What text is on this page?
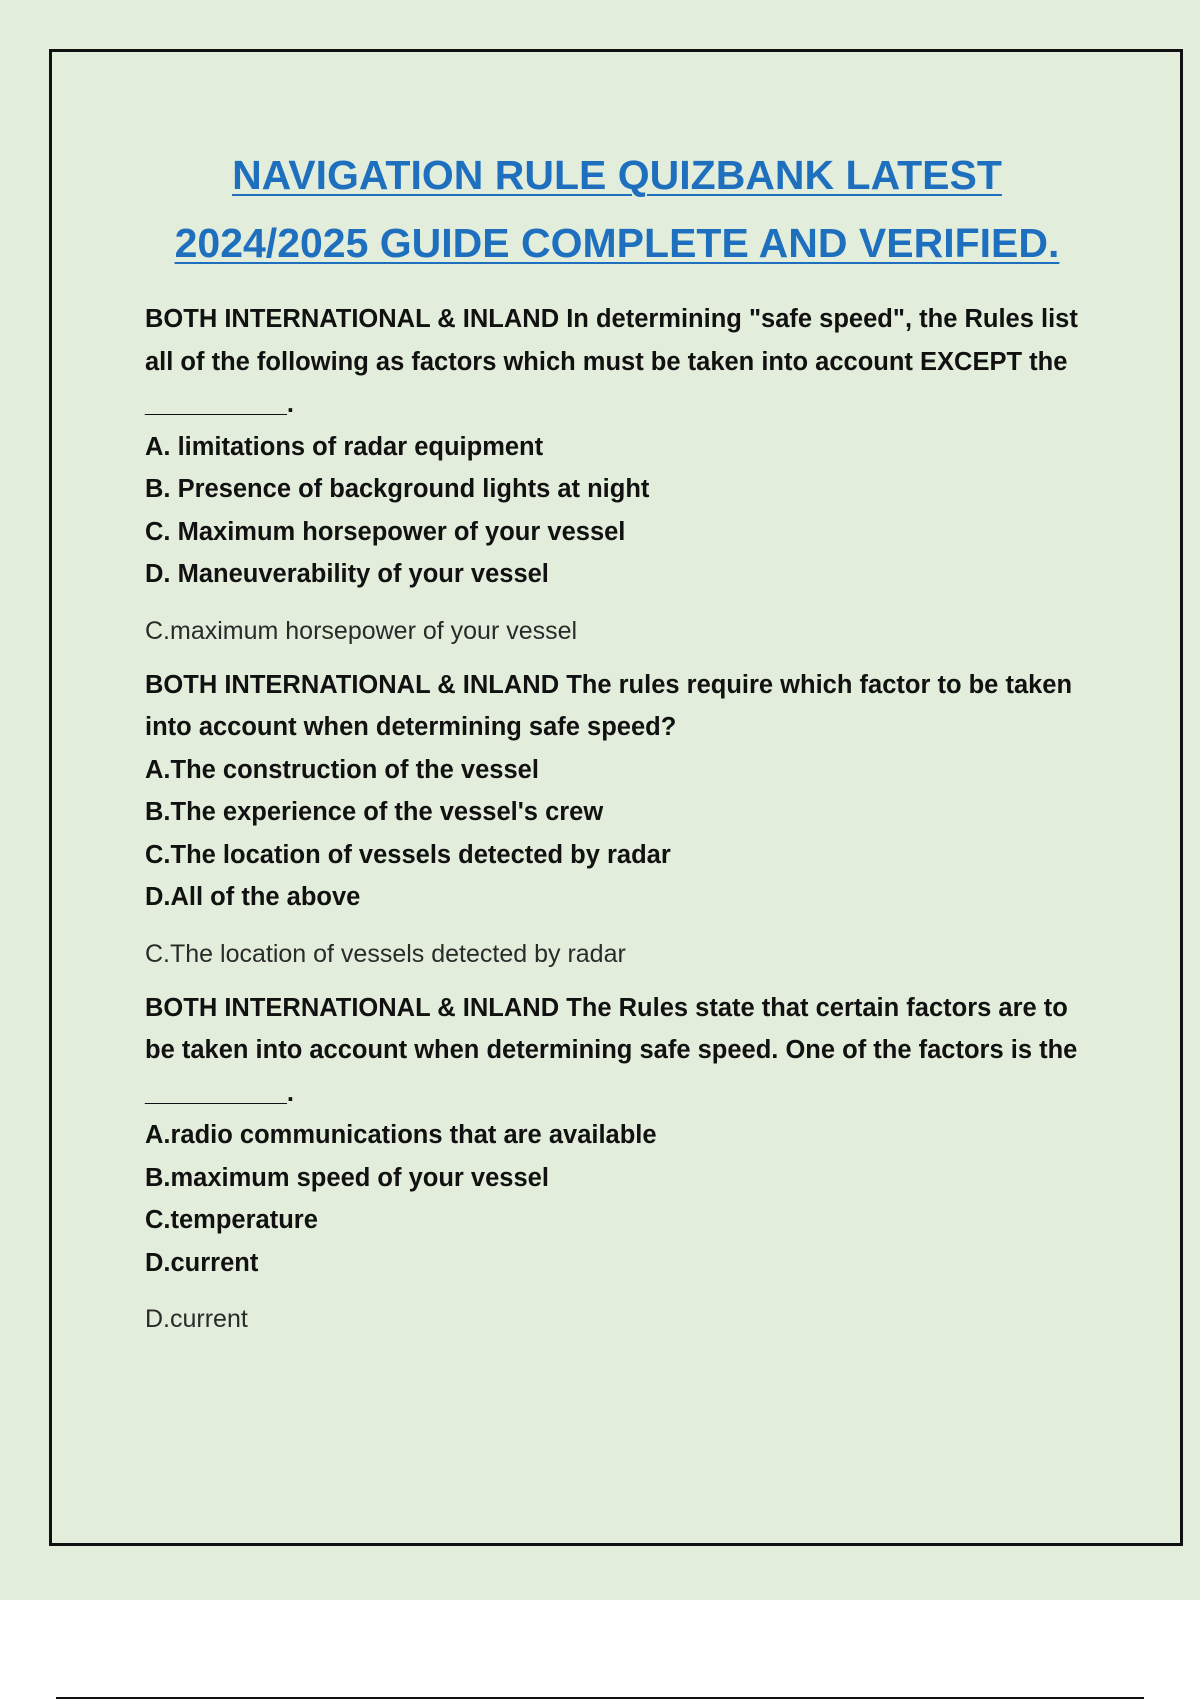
NAVIGATION RULE QUIZBANK LATEST
2024/2025 GUIDE COMPLETE AND VERIFIED.

BOTH INTERNATIONAL & INLAND In determining "safe speed", the Rules list all of the following as factors which must be taken into account EXCEPT the __________.

A. limitations of radar equipment

B. Presence of background lights at night

C. Maximum horsepower of your vessel

D. Maneuverability of your vessel

C.maximum horsepower of your vessel

BOTH INTERNATIONAL & INLAND The rules require which factor to be taken into account when determining safe speed?

A.The construction of the vessel

B.The experience of the vessel's crew

C.The location of vessels detected by radar

D.All of the above

C.The location of vessels detected by radar

BOTH INTERNATIONAL & INLAND The Rules state that certain factors are to be taken into account when determining safe speed. One of the factors is the __________.

A.radio communications that are available

B.maximum speed of your vessel

C.temperature

D.current

D.current
